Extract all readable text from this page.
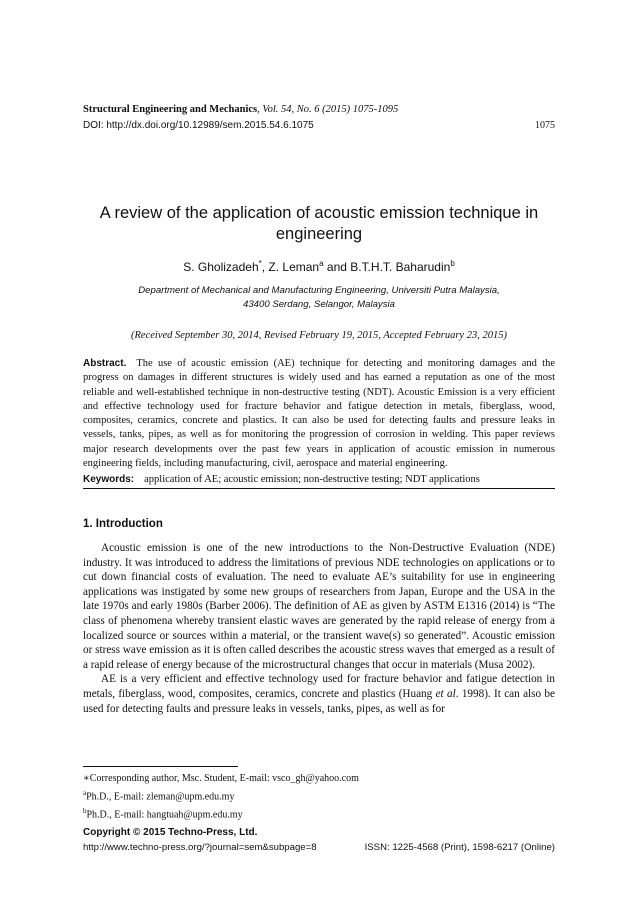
Structural Engineering and Mechanics, Vol. 54, No. 6 (2015) 1075-1095
DOI: http://dx.doi.org/10.12989/sem.2015.54.6.1075	1075
A review of the application of acoustic emission technique in engineering
S. Gholizadeh*, Z. Leman$^a$ and B.T.H.T. Baharudin$^b$
Department of Mechanical and Manufacturing Engineering, Universiti Putra Malaysia,
43400 Serdang, Selangor, Malaysia
(Received September 30, 2014, Revised February 19, 2015, Accepted February 23, 2015)
Abstract. The use of acoustic emission (AE) technique for detecting and monitoring damages and the progress on damages in different structures is widely used and has earned a reputation as one of the most reliable and well-established technique in non-destructive testing (NDT). Acoustic Emission is a very efficient and effective technology used for fracture behavior and fatigue detection in metals, fiberglass, wood, composites, ceramics, concrete and plastics. It can also be used for detecting faults and pressure leaks in vessels, tanks, pipes, as well as for monitoring the progression of corrosion in welding. This paper reviews major research developments over the past few years in application of acoustic emission in numerous engineering fields, including manufacturing, civil, aerospace and material engineering.
Keywords: application of AE; acoustic emission; non-destructive testing; NDT applications
1. Introduction

Acoustic emission is one of the new introductions to the Non-Destructive Evaluation (NDE) industry. It was introduced to address the limitations of previous NDE technologies on applications or to cut down financial costs of evaluation. The need to evaluate AE’s suitability for use in engineering applications was instigated by some new groups of researchers from Japan, Europe and the USA in the late 1970s and early 1980s (Barber 2006). The definition of AE as given by ASTM E1316 (2014) is “The class of phenomena whereby transient elastic waves are generated by the rapid release of energy from a localized source or sources within a material, or the transient wave(s) so generated”. Acoustic emission or stress wave emission as it is often called describes the acoustic stress waves that emerged as a result of a rapid release of energy because of the microstructural changes that occur in materials (Musa 2002).

AE is a very efficient and effective technology used for fracture behavior and fatigue detection in metals, fiberglass, wood, composites, ceramics, concrete and plastics (Huang et al. 1998). It can also be used for detecting faults and pressure leaks in vessels, tanks, pipes, as well as for

∗Corresponding author, Msc. Student, E-mail: vsco_gh@yahoo.com
$^a$Ph.D., E-mail: zleman@upm.edu.my
$^b$Ph.D., E-mail: hangtuah@upm.edu.my
Copyright © 2015 Techno-Press, Ltd.
http://www.techno-press.org/?journal=sem&subpage=8	ISSN: 1225-4568 (Print), 1598-6217 (Online)
